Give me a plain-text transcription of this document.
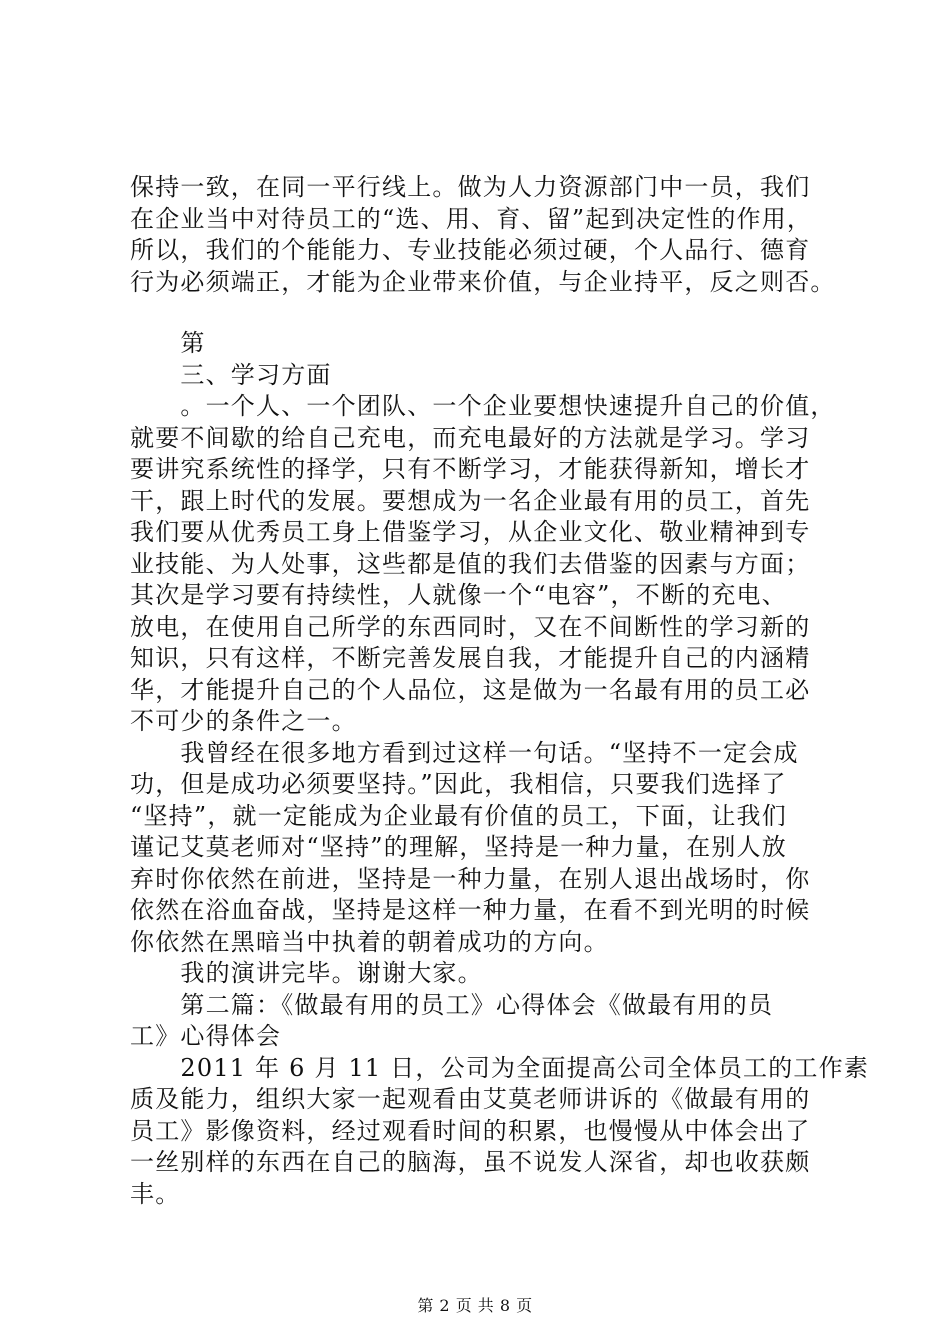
保持一致，在同一平行线上。做为人力资源部门中一员，我们
在企业当中对待员工的“选、用、育、留”起到决定性的作用，
所以，我们的个能能力、专业技能必须过硬，个人品行、德育
行为必须端正，才能为企业带来价值，与企业持平，反之则否。
　　第
　　三、学习方面
　　。一个人、一个团队、一个企业要想快速提升自己的价值，
就要不间歇的给自己充电，而充电最好的方法就是学习。学习
要讲究系统性的择学，只有不断学习，才能获得新知，增长才
干，跟上时代的发展。要想成为一名企业最有用的员工，首先
我们要从优秀员工身上借鉴学习，从企业文化、敬业精神到专
业技能、为人处事，这些都是值的我们去借鉴的因素与方面；
其次是学习要有持续性，人就像一个“电容”，不断的充电、
放电，在使用自己所学的东西同时，又在不间断性的学习新的
知识，只有这样，不断完善发展自我，才能提升自己的内涵精
华，才能提升自己的个人品位，这是做为一名最有用的员工必
不可少的条件之一。
　　我曾经在很多地方看到过这样一句话。“坚持不一定会成
功，但是成功必须要坚持。”因此，我相信，只要我们选择了
“坚持”，就一定能成为企业最有价值的员工，下面，让我们
谨记艾莫老师对“坚持”的理解，坚持是一种力量，在别人放
弃时你依然在前进，坚持是一种力量，在别人退出战场时，你
依然在浴血奋战，坚持是这样一种力量，在看不到光明的时候
你依然在黑暗当中执着的朝着成功的方向。
　　我的演讲完毕。谢谢大家。
　　第二篇：《做最有用的员工》心得体会《做最有用的员
工》心得体会
　　2011 年 6 月 11 日，公司为全面提高公司全体员工的工作素
质及能力，组织大家一起观看由艾莫老师讲诉的《做最有用的
员工》影像资料，经过观看时间的积累，也慢慢从中体会出了
一丝别样的东西在自己的脑海，虽不说发人深省，却也收获颇
丰。
第 2 页 共 8 页
